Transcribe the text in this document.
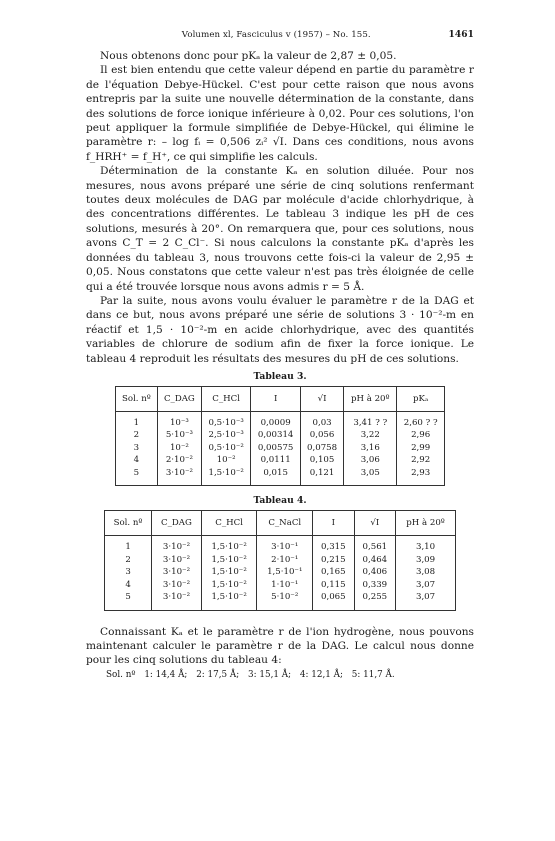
Volumen xl, Fasciculus v (1957) – No. 155.	1461

Nous obtenons donc pour pKₐ la valeur de 2,87 ± 0,05.

Il est bien entendu que cette valeur dépend en partie du paramètre r de l'équation Debye-Hückel. C'est pour cette raison que nous avons entrepris par la suite une nouvelle détermination de la constante, dans des solutions de force ionique inférieure à 0,02. Pour ces solutions, l'on peut appliquer la formule simplifiée de Debye-Hückel, qui élimine le paramètre r: – log fᵢ = 0,506 zᵢ² √I. Dans ces conditions, nous avons f_HRH⁺ = f_H⁺, ce qui simplifie les calculs.

Détermination de la constante Kₐ en solution diluée. Pour nos mesures, nous avons préparé une série de cinq solutions renfermant toutes deux molécules de DAG par molécule d'acide chlorhydrique, à des concentrations différentes. Le tableau 3 indique les pH de ces solutions, mesurés à 20°. On remarquera que, pour ces solutions, nous avons C_T = 2 C_Cl⁻. Si nous calculons la constante pKₐ d'après les données du tableau 3, nous trouvons cette fois-ci la valeur de 2,95 ± 0,05. Nous constatons que cette valeur n'est pas très éloignée de celle qui a été trouvée lorsque nous avons admis r = 5 Å.

Par la suite, nous avons voulu évaluer le paramètre r de la DAG et dans ce but, nous avons préparé une série de solutions 3 · 10⁻²-m en réactif et 1,5 · 10⁻²-m en acide chlorhydrique, avec des quantités variables de chlorure de sodium afin de fixer la force ionique. Le tableau 4 reproduit les résultats des mesures du pH de ces solutions.

Tableau 3.
Sol. nº	C_DAG	C_HCl	I	√I	pH à 20º	pKₐ
1	10⁻³	0,5·10⁻³	0,0009	0,03	3,41 ? ?	2,60 ? ?
2	5·10⁻³	2,5·10⁻³	0,00314	0,056	3,22	2,96
3	10⁻²	0,5·10⁻²	0,00575	0,0758	3,16	2,99
4	2·10⁻²	10⁻²	0,0111	0,105	3,06	2,92
5	3·10⁻²	1,5·10⁻²	0,015	0,121	3,05	2,93
Tableau 4.
Sol. nº	C_DAG	C_HCl	C_NaCl	I	√I	pH à 20º
1	3·10⁻²	1,5·10⁻²	3·10⁻¹	0,315	0,561	3,10
2	3·10⁻²	1,5·10⁻²	2·10⁻¹	0,215	0,464	3,09
3	3·10⁻²	1,5·10⁻²	1,5·10⁻¹	0,165	0,406	3,08
4	3·10⁻²	1,5·10⁻²	1·10⁻¹	0,115	0,339	3,07
5	3·10⁻²	1,5·10⁻²	5·10⁻²	0,065	0,255	3,07

Connaissant Kₐ et le paramètre r de l'ion hydrogène, nous pouvons maintenant calculer le paramètre r de la DAG. Le calcul nous donne pour les cinq solutions du tableau 4:

Sol. nº 1: 14,4 Å; 2: 17,5 Å; 3: 15,1 Å; 4: 12,1 Å; 5: 11,7 Å.
